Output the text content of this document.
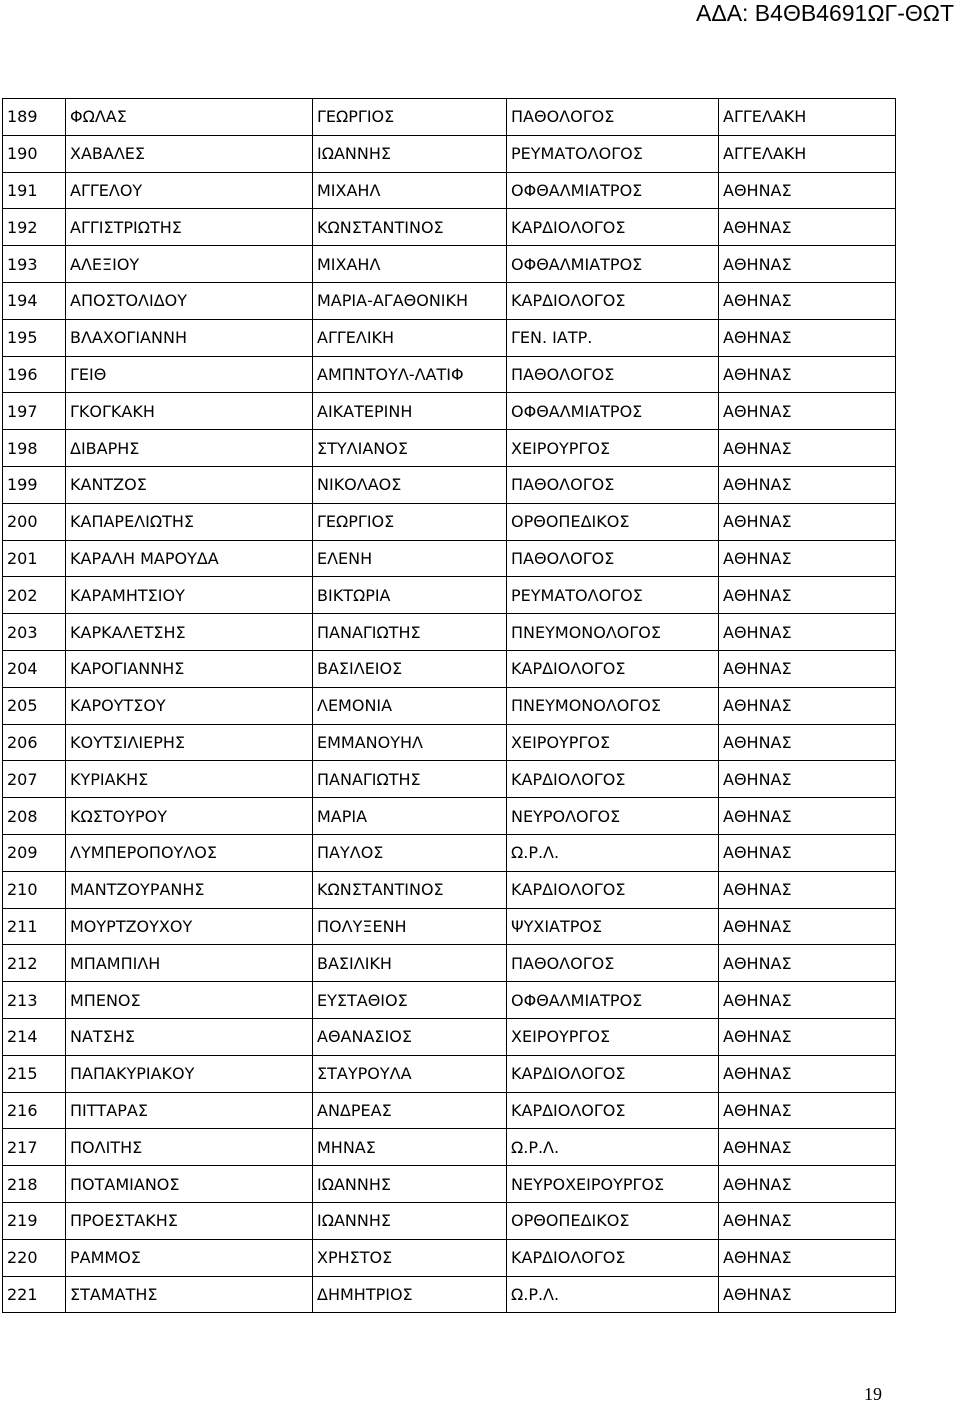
ΑΔΑ: Β4ΘΒ4691ΩΓ-ΘΩΤ
189	ΦΩΛΑΣ	ΓΕΩΡΓΙΟΣ	ΠΑΘΟΛΟΓΟΣ	ΑΓΓΕΛΑΚΗ
190	ΧΑΒΑΛΕΣ	ΙΩΑΝΝΗΣ	ΡΕΥΜΑΤΟΛΟΓΟΣ	ΑΓΓΕΛΑΚΗ
191	ΑΓΓΕΛΟΥ	ΜΙΧΑΗΛ	ΟΦΘΑΛΜΙΑΤΡΟΣ	ΑΘΗΝΑΣ
192	ΑΓΓΙΣΤΡΙΩΤΗΣ	ΚΩΝΣΤΑΝΤΙΝΟΣ	ΚΑΡΔΙΟΛΟΓΟΣ	ΑΘΗΝΑΣ
193	ΑΛΕΞΙΟΥ	ΜΙΧΑΗΛ	ΟΦΘΑΛΜΙΑΤΡΟΣ	ΑΘΗΝΑΣ
194	ΑΠΟΣΤΟΛΙΔΟΥ	ΜΑΡΙΑ-ΑΓΑΘΟΝΙΚΗ	ΚΑΡΔΙΟΛΟΓΟΣ	ΑΘΗΝΑΣ
195	ΒΛΑΧΟΓΙΑΝΝΗ	ΑΓΓΕΛΙΚΗ	ΓΕΝ. ΙΑΤΡ.	ΑΘΗΝΑΣ
196	ΓΕΙΘ	ΑΜΠΝΤΟΥΛ-ΛΑΤΙΦ	ΠΑΘΟΛΟΓΟΣ	ΑΘΗΝΑΣ
197	ΓΚΟΓΚΑΚΗ	ΑΙΚΑΤΕΡΙΝΗ	ΟΦΘΑΛΜΙΑΤΡΟΣ	ΑΘΗΝΑΣ
198	ΔΙΒΑΡΗΣ	ΣΤΥΛΙΑΝΟΣ	ΧΕΙΡΟΥΡΓΟΣ	ΑΘΗΝΑΣ
199	ΚΑΝΤΖΟΣ	ΝΙΚΟΛΑΟΣ	ΠΑΘΟΛΟΓΟΣ	ΑΘΗΝΑΣ
200	ΚΑΠΑΡΕΛΙΩΤΗΣ	ΓΕΩΡΓΙΟΣ	ΟΡΘΟΠΕΔΙΚΟΣ	ΑΘΗΝΑΣ
201	ΚΑΡΑΛΗ ΜΑΡΟΥΔΑ	ΕΛΕΝΗ	ΠΑΘΟΛΟΓΟΣ	ΑΘΗΝΑΣ
202	ΚΑΡΑΜΗΤΣΙΟΥ	ΒΙΚΤΩΡΙΑ	ΡΕΥΜΑΤΟΛΟΓΟΣ	ΑΘΗΝΑΣ
203	ΚΑΡΚΑΛΕΤΣΗΣ	ΠΑΝΑΓΙΩΤΗΣ	ΠΝΕΥΜΟΝΟΛΟΓΟΣ	ΑΘΗΝΑΣ
204	ΚΑΡΟΓΙΑΝΝΗΣ	ΒΑΣΙΛΕΙΟΣ	ΚΑΡΔΙΟΛΟΓΟΣ	ΑΘΗΝΑΣ
205	ΚΑΡΟΥΤΣΟΥ	ΛΕΜΟΝΙΑ	ΠΝΕΥΜΟΝΟΛΟΓΟΣ	ΑΘΗΝΑΣ
206	ΚΟΥΤΣΙΛΙΕΡΗΣ	ΕΜΜΑΝΟΥΗΛ	ΧΕΙΡΟΥΡΓΟΣ	ΑΘΗΝΑΣ
207	ΚΥΡΙΑΚΗΣ	ΠΑΝΑΓΙΩΤΗΣ	ΚΑΡΔΙΟΛΟΓΟΣ	ΑΘΗΝΑΣ
208	ΚΩΣΤΟΥΡΟΥ	ΜΑΡΙΑ	ΝΕΥΡΟΛΟΓΟΣ	ΑΘΗΝΑΣ
209	ΛΥΜΠΕΡΟΠΟΥΛΟΣ	ΠΑΥΛΟΣ	Ω.Ρ.Λ.	ΑΘΗΝΑΣ
210	ΜΑΝΤΖΟΥΡΑΝΗΣ	ΚΩΝΣΤΑΝΤΙΝΟΣ	ΚΑΡΔΙΟΛΟΓΟΣ	ΑΘΗΝΑΣ
211	ΜΟΥΡΤΖΟΥΧΟΥ	ΠΟΛΥΞΕΝΗ	ΨΥΧΙΑΤΡΟΣ	ΑΘΗΝΑΣ
212	ΜΠΑΜΠΙΛΗ	ΒΑΣΙΛΙΚΗ	ΠΑΘΟΛΟΓΟΣ	ΑΘΗΝΑΣ
213	ΜΠΕΝΟΣ	ΕΥΣΤΑΘΙΟΣ	ΟΦΘΑΛΜΙΑΤΡΟΣ	ΑΘΗΝΑΣ
214	ΝΑΤΣΗΣ	ΑΘΑΝΑΣΙΟΣ	ΧΕΙΡΟΥΡΓΟΣ	ΑΘΗΝΑΣ
215	ΠΑΠΑΚΥΡΙΑΚΟΥ	ΣΤΑΥΡΟΥΛΑ	ΚΑΡΔΙΟΛΟΓΟΣ	ΑΘΗΝΑΣ
216	ΠΙΤΤΑΡΑΣ	ΑΝΔΡΕΑΣ	ΚΑΡΔΙΟΛΟΓΟΣ	ΑΘΗΝΑΣ
217	ΠΟΛΙΤΗΣ	ΜΗΝΑΣ	Ω.Ρ.Λ.	ΑΘΗΝΑΣ
218	ΠΟΤΑΜΙΑΝΟΣ	ΙΩΑΝΝΗΣ	ΝΕΥΡΟΧΕΙΡΟΥΡΓΟΣ	ΑΘΗΝΑΣ
219	ΠΡΟΕΣΤΑΚΗΣ	ΙΩΑΝΝΗΣ	ΟΡΘΟΠΕΔΙΚΟΣ	ΑΘΗΝΑΣ
220	ΡΑΜΜΟΣ	ΧΡΗΣΤΟΣ	ΚΑΡΔΙΟΛΟΓΟΣ	ΑΘΗΝΑΣ
221	ΣΤΑΜΑΤΗΣ	ΔΗΜΗΤΡΙΟΣ	Ω.Ρ.Λ.	ΑΘΗΝΑΣ
19
